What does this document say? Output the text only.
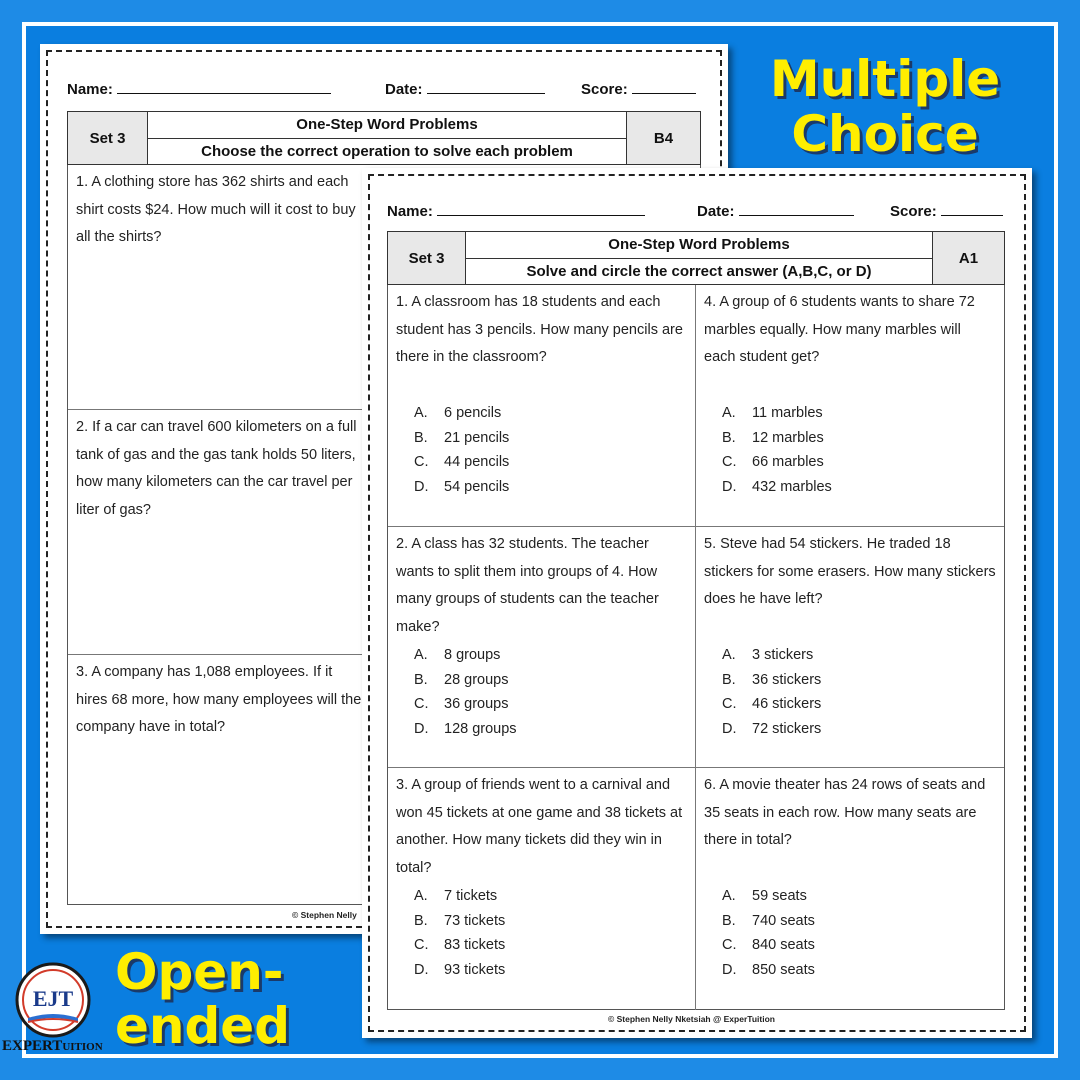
Name:	Date:	Score:
Set 3
One-Step Word Problems
Choose the correct operation to solve each problem
B4
1. A clothing store has 362 shirts and each shirt costs $24. How much will it cost to buy all the shirts?
2. If a car can travel 600 kilometers on a full tank of gas and the gas tank holds 50 liters, how many kilometers can the car travel per liter of gas?
3. A company has 1,088 employees. If it hires 68 more, how many employees will the company have in total?
© Stephen Nelly
Name:	Date:	Score:
Set 3
One-Step Word Problems
Solve and circle the correct answer (A,B,C, or D)
A1
1. A classroom has 18 students and each student has 3 pencils. How many pencils are there in the classroom?
A.	6 pencils
B.	21 pencils
C.	44 pencils
D.	54 pencils
4. A group of 6 students wants to share 72 marbles equally. How many marbles will each student get?
A.	11 marbles
B.	12 marbles
C.	66 marbles
D.	432 marbles
2. A class has 32 students. The teacher wants to split them into groups of 4. How many groups of students can the teacher make?
A.	8 groups
B.	28 groups
C.	36 groups
D.	128 groups
5. Steve had 54 stickers. He traded 18 stickers for some erasers. How many stickers does he have left?
A.	3 stickers
B.	36 stickers
C.	46 stickers
D.	72 stickers
3. A group of friends went to a carnival and won 45 tickets at one game and 38 tickets at another. How many tickets did they win in total?
A.	7 tickets
B.	73 tickets
C.	83 tickets
D.	93 tickets
6. A movie theater has 24 rows of seats and 35 seats in each row. How many seats are there in total?
A.	59 seats
B.	740 seats
C.	840 seats
D.	850 seats
© Stephen Nelly Nketsiah @ ExperTuition
Multiple
Choice
Open-
ended
EJT
EXPERTUITION
